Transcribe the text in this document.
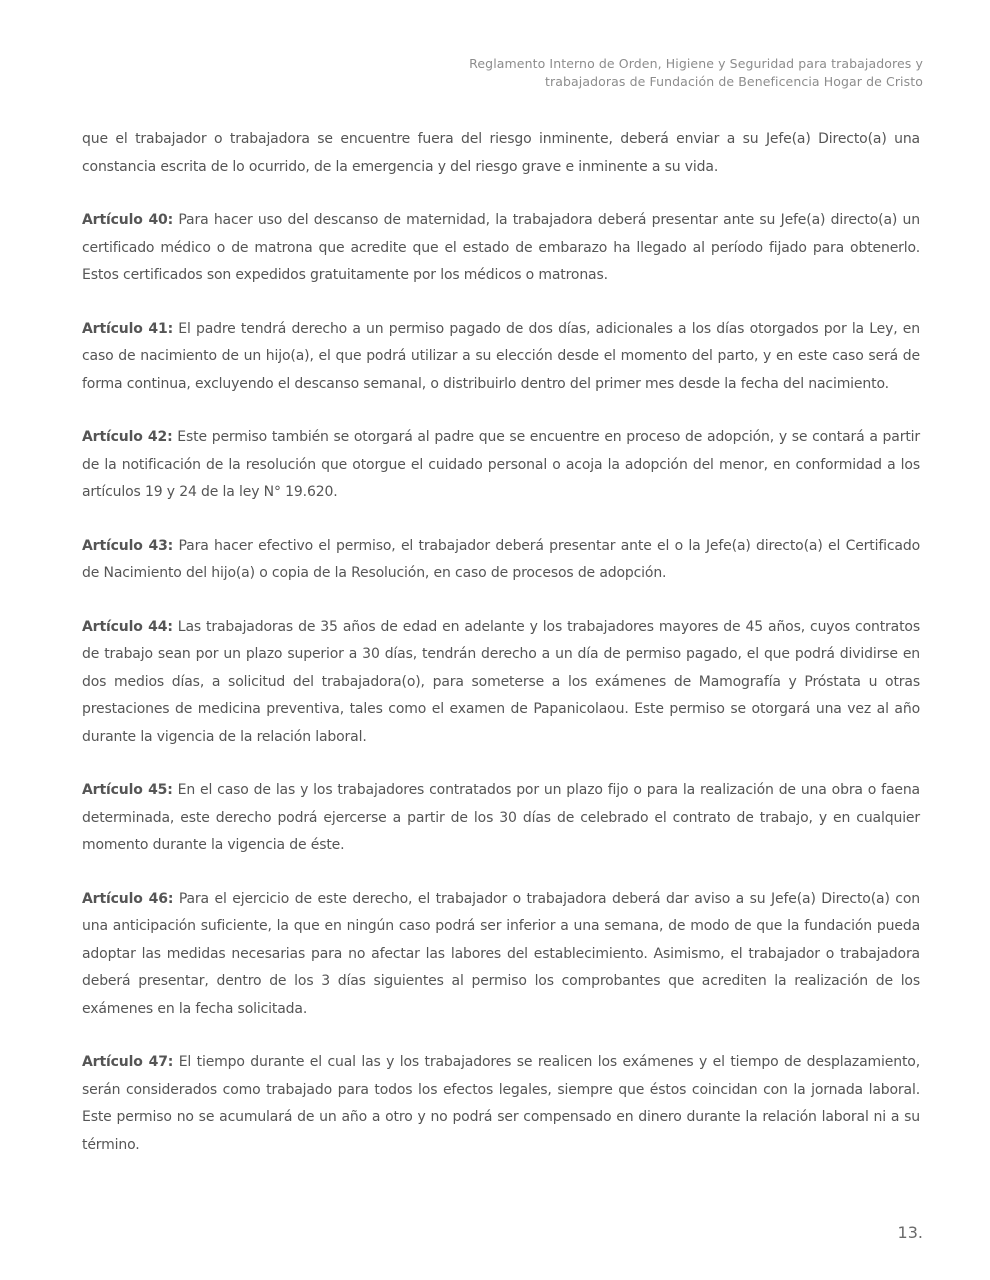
Reglamento Interno de Orden, Higiene y Seguridad para trabajadores y
trabajadoras de Fundación de Beneficencia Hogar de Cristo

que el trabajador o trabajadora se encuentre fuera del riesgo inminente, deberá enviar a su Jefe(a) Directo(a) una constancia escrita de lo ocurrido, de la emergencia y del riesgo grave e inminente a su vida.

Artículo 40: Para hacer uso del descanso de maternidad, la trabajadora deberá presentar ante su Jefe(a) directo(a) un certificado médico o de matrona que acredite que el estado de embarazo ha llegado al período fijado para obtenerlo. Estos certificados son expedidos gratuitamente por los médicos o matronas.

Artículo 41: El padre tendrá derecho a un permiso pagado de dos días, adicionales a los días otorgados por la Ley, en caso de nacimiento de un hijo(a), el que podrá utilizar a su elección desde el momento del parto, y en este caso será de forma continua, excluyendo el descanso semanal, o distribuirlo dentro del primer mes desde la fecha del nacimiento.

Artículo 42: Este permiso también se otorgará al padre que se encuentre en proceso de adopción, y se contará a partir de la notificación de la resolución que otorgue el cuidado personal o acoja la adopción del menor, en conformidad a los artículos 19 y 24 de la ley N° 19.620.

Artículo 43: Para hacer efectivo el permiso, el trabajador deberá presentar ante el o la Jefe(a) directo(a) el Certificado de Nacimiento del hijo(a) o copia de la Resolución, en caso de procesos de adopción.

Artículo 44: Las trabajadoras de 35 años de edad en adelante y los trabajadores mayores de 45 años, cuyos contratos de trabajo sean por un plazo superior a 30 días, tendrán derecho a un día de permiso pagado, el que podrá dividirse en dos medios días, a solicitud del trabajadora(o), para someterse a los exámenes de Mamografía y Próstata u otras prestaciones de medicina preventiva, tales como el examen de Papanicolaou. Este permiso se otorgará una vez al año durante la vigencia de la relación laboral.

Artículo 45: En el caso de las y los trabajadores contratados por un plazo fijo o para la realización de una obra o faena determinada, este derecho podrá ejercerse a partir de los 30 días de celebrado el contrato de trabajo, y en cualquier momento durante la vigencia de éste.

Artículo 46: Para el ejercicio de este derecho, el trabajador o trabajadora deberá dar aviso a su Jefe(a) Directo(a) con una anticipación suficiente, la que en ningún caso podrá ser inferior a una semana, de modo de que la fundación pueda adoptar las medidas necesarias para no afectar las labores del establecimiento. Asimismo, el trabajador o trabajadora deberá presentar, dentro de los 3 días siguientes al permiso los comprobantes que acrediten la realización de los exámenes en la fecha solicitada.

Artículo 47: El tiempo durante el cual las y los trabajadores se realicen los exámenes y el tiempo de desplazamiento, serán considerados como trabajado para todos los efectos legales, siempre que éstos coincidan con la jornada laboral. Este permiso no se acumulará de un año a otro y no podrá ser compensado en dinero durante la relación laboral ni a su término.

13.
